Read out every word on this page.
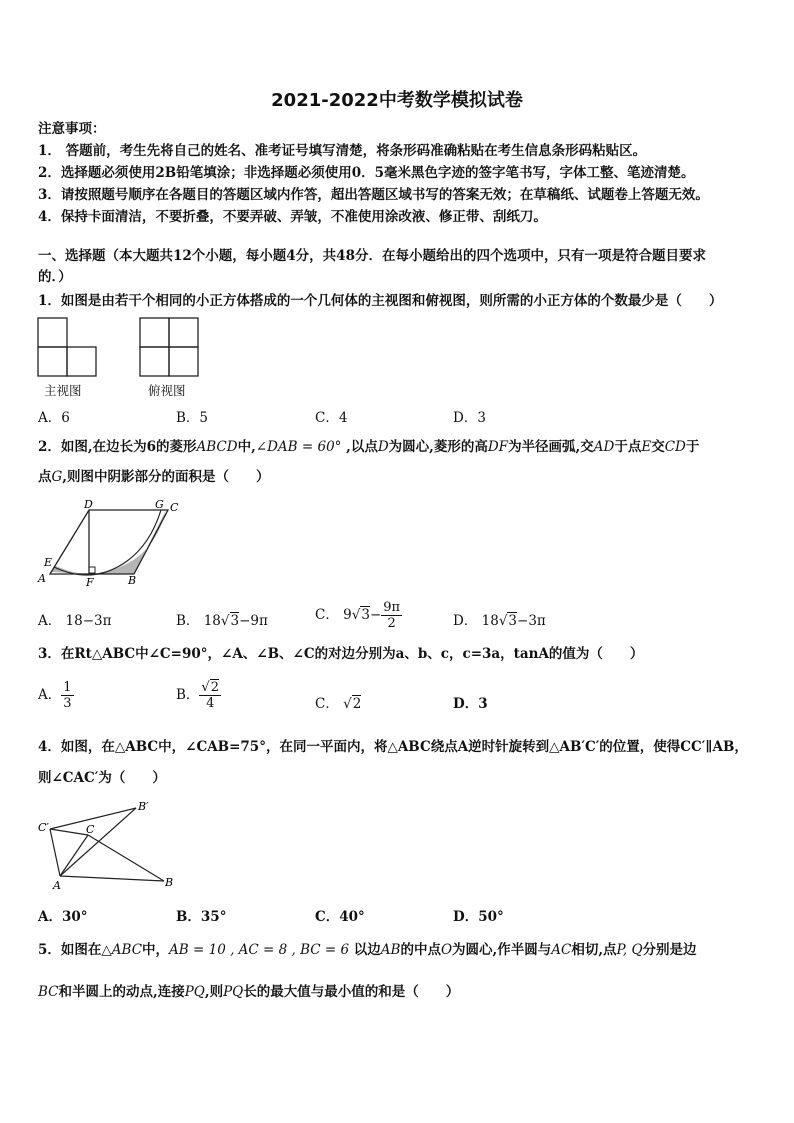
2021-2022中考数学模拟试卷
注意事项：
1． 答题前，考生先将自己的姓名、准考证号填写清楚，将条形码准确粘贴在考生信息条形码粘贴区。
2．选择题必须使用2B铅笔填涂；非选择题必须使用0．5毫米黑色字迹的签字笔书写，字体工整、笔迹清楚。
3．请按照题号顺序在各题目的答题区域内作答，超出答题区域书写的答案无效；在草稿纸、试题卷上答题无效。
4．保持卡面清洁，不要折叠，不要弄破、弄皱，不准使用涂改液、修正带、刮纸刀。
一、选择题（本大题共12个小题，每小题4分，共48分．在每小题给出的四个选项中，只有一项是符合题目要求
的．）
1．如图是由若干个相同的小正方体搭成的一个几何体的主视图和俯视图，则所需的小正方体的个数最少是（　　）
主视图	俯视图
A．6	B．5	C．4	D．3
2．如图,在边长为6的菱形ABCD中,∠DAB = 60° ,以点D为圆心,菱形的高DF为半径画弧,交AD于点E交CD于
点G,则图中阴影部分的面积是（　　）
D	G C
E
A	F	B
A． 18−3π	B． 18√3−9π	C． $9√3- \frac{9\pi}{2}$	D． 18√3−3π
3．在Rt△ABC中∠C=90°，∠A、∠B、∠C的对边分别为a、b、c，c=3a，tanA的值为（　　）
A． $\frac{1}{3}$	B． $\frac{√2}{4}$	C． √2	D．3
4．如图，在△ABC中，∠CAB=75°，在同一平面内，将△ABC绕点A逆时针旋转到△AB′C′的位置，使得CC′∥AB，
则∠CAC′为（　　）
C′	C
B′
A	B
A．30°	B．35°	C．40°	D．50°
5．如图在△ABC中，AB = 10 , AC = 8 , BC = 6 以边AB的中点O为圆心,作半圆与AC相切,点P, Q分别是边
BC和半圆上的动点,连接PQ,则PQ长的最大值与最小值的和是（　　）
